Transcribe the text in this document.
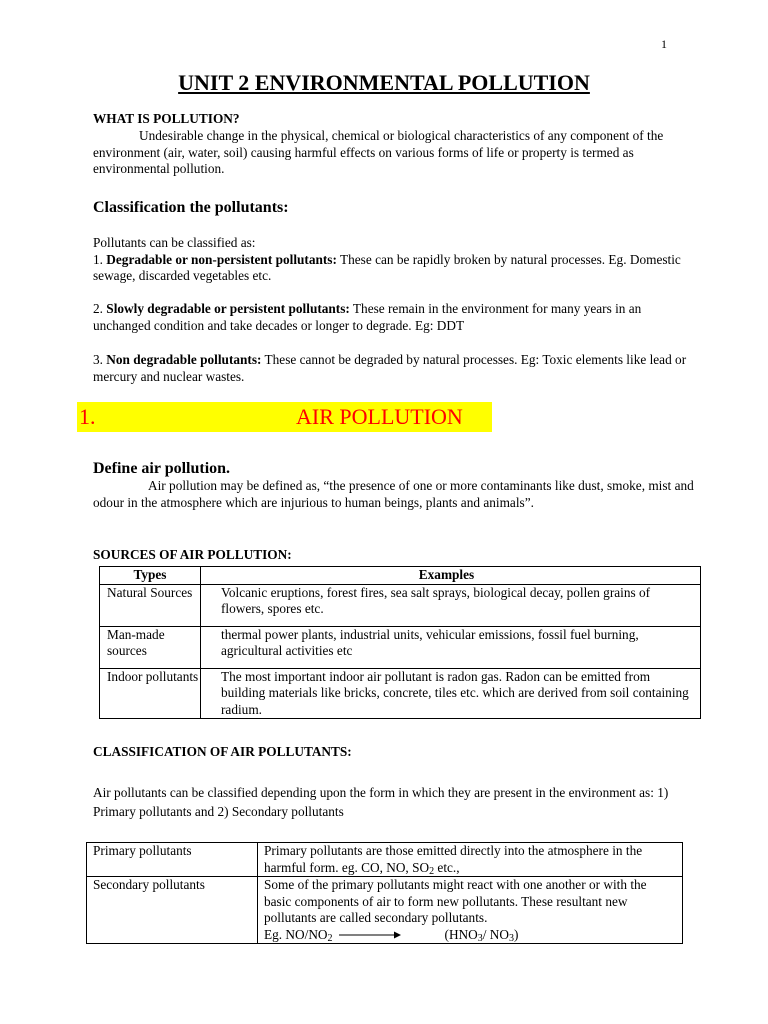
1
UNIT 2 ENVIRONMENTAL POLLUTION
WHAT IS POLLUTION?
Undesirable change in the physical, chemical or biological characteristics of any component of the environment (air, water, soil) causing harmful effects on various forms of life or property is termed as environmental pollution.
Classification the pollutants:
Pollutants can be classified as:
1. Degradable or non-persistent pollutants: These can be rapidly broken by natural processes. Eg. Domestic sewage, discarded vegetables etc.
2. Slowly degradable or persistent pollutants: These remain in the environment for many years in an unchanged condition and take decades or longer to degrade. Eg: DDT
3. Non degradable pollutants: These cannot be degraded by natural processes. Eg: Toxic elements like lead or mercury and nuclear wastes.
1.	AIR POLLUTION
Define air pollution.
Air pollution may be defined as, “the presence of one or more contaminants like dust, smoke, mist and odour in the atmosphere which are injurious to human beings, plants and animals”.
SOURCES OF AIR POLLUTION:
Types	Examples
Natural Sources	Volcanic eruptions, forest fires, sea salt sprays, biological decay, pollen grains of flowers, spores etc.
Man-made sources	thermal power plants, industrial units, vehicular emissions, fossil fuel burning, agricultural activities etc
Indoor pollutants	The most important indoor air pollutant is radon gas. Radon can be emitted from building materials like bricks, concrete, tiles etc. which are derived from soil containing radium.
CLASSIFICATION OF AIR POLLUTANTS:
Air pollutants can be classified depending upon the form in which they are present in the environment as: 1) Primary pollutants and 2) Secondary pollutants
Primary pollutants	Primary pollutants are those emitted directly into the atmosphere in the harmful form. eg. CO, NO, $SO_2$ etc.,
Secondary pollutants	Some of the primary pollutants might react with one another or with the basic components of air to form new pollutants. These resultant new pollutants are called secondary pollutants.
Eg. $NO/NO_2$ ($HNO_3/$ $NO_3$)
